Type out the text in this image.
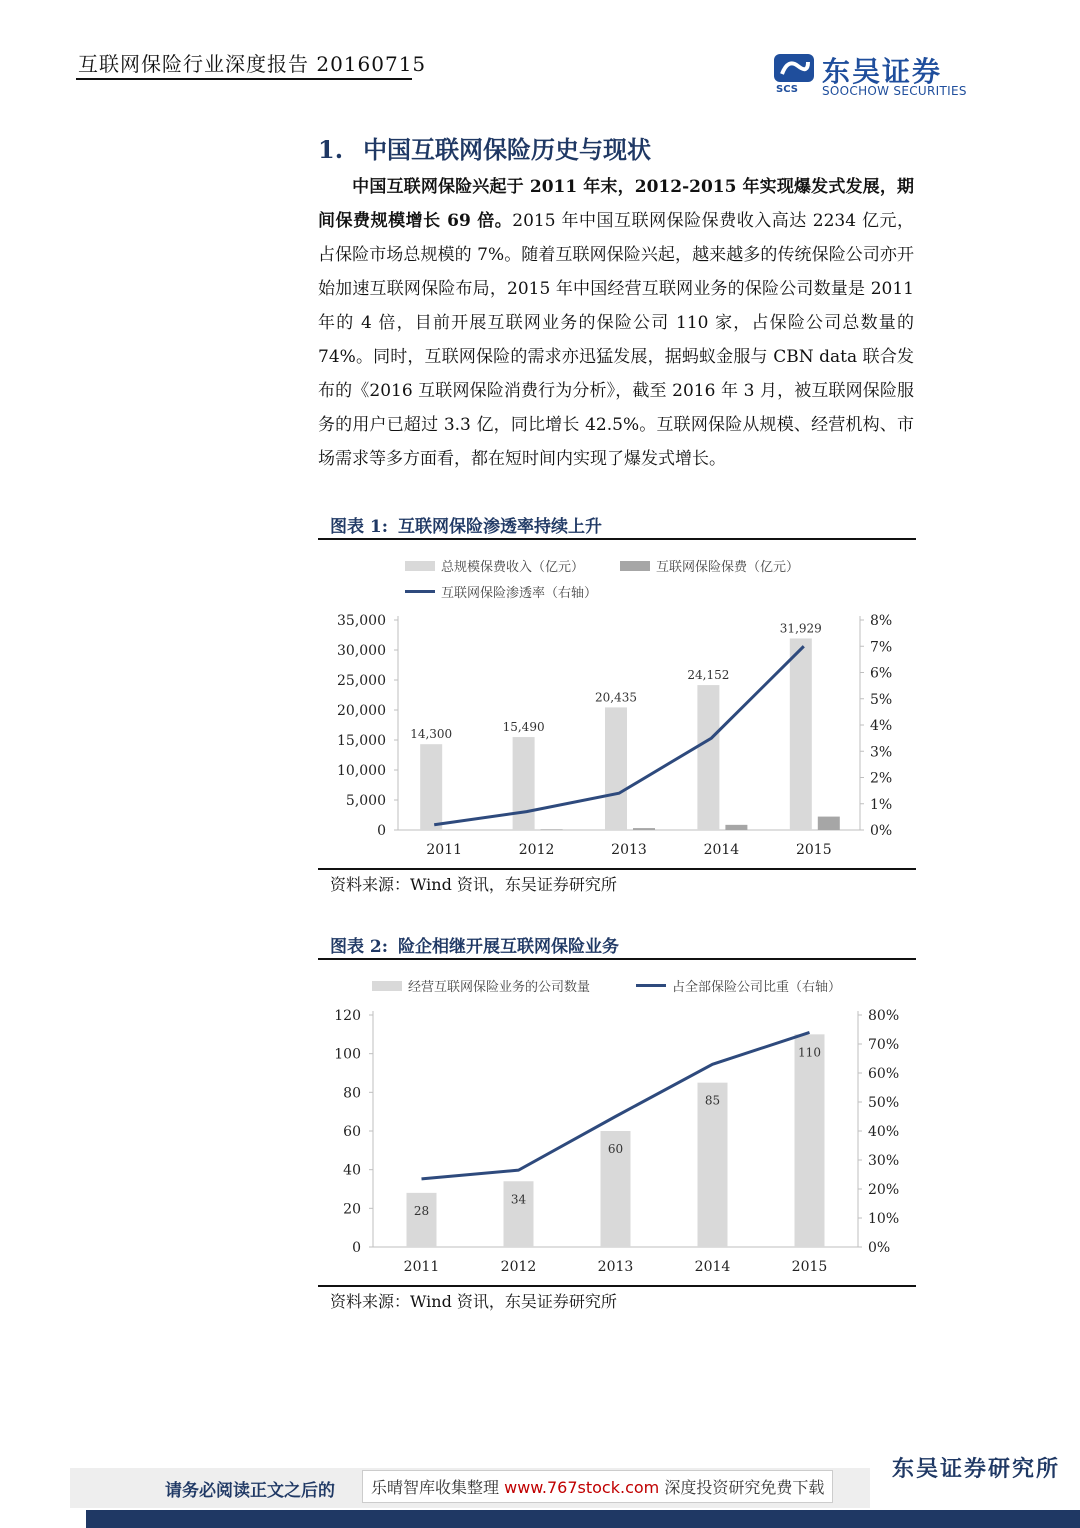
互联网保险行业深度报告 20160715
SCS
东吴证券
SOOCHOW SECURITIES
1. 中国互联网保险历史与现状

中国互联网保险兴起于 2011 年末，2012-2015 年实现爆发式发展，期间保费规模增长 69 倍。2015 年中国互联网保险保费收入高达 2234 亿元，占保险市场总规模的 7%。随着互联网保险兴起，越来越多的传统保险公司亦开始加速互联网保险布局，2015 年中国经营互联网业务的保险公司数量是 2011 年的 4 倍，目前开展互联网业务的保险公司 110 家，占保险公司总数量的 74%。同时，互联网保险的需求亦迅猛发展，据蚂蚁金服与 CBN data 联合发布的《2016 互联网保险消费行为分析》，截至 2016 年 3 月，被互联网保险服务的用户已超过 3.3 亿，同比增长 42.5%。互联网保险从规模、经营机构、市场需求等多方面看，都在短时间内实现了爆发式增长。

图表 1: 互联网保险渗透率持续上升
总规模保费收入（亿元）	互联网保险保费（亿元）
互联网保险渗透率（右轴）
0
5,000
10,000
15,000
20,000
25,000
30,000
35,000
0%
1%
2%
3%
4%
5%
6%
7%
8%
2011	2012	2013	2014	2015
14,300
15,490
20,435
24,152
31,929
资料来源：Wind 资讯，东吴证券研究所
图表 2: 险企相继开展互联网保险业务
经营互联网保险业务的公司数量	占全部保险公司比重（右轴）
0
20
40
60
80
100
120
0%
10%
20%
30%
40%
50%
60%
70%
80%
2011	2012	2013	2014	2015
28
34
60
85
110
资料来源：Wind 资讯，东吴证券研究所
请务必阅读正文之后的	乐晴智库收集整理 www.767stock.com 深度投资研究免费下载
东吴证券研究所
